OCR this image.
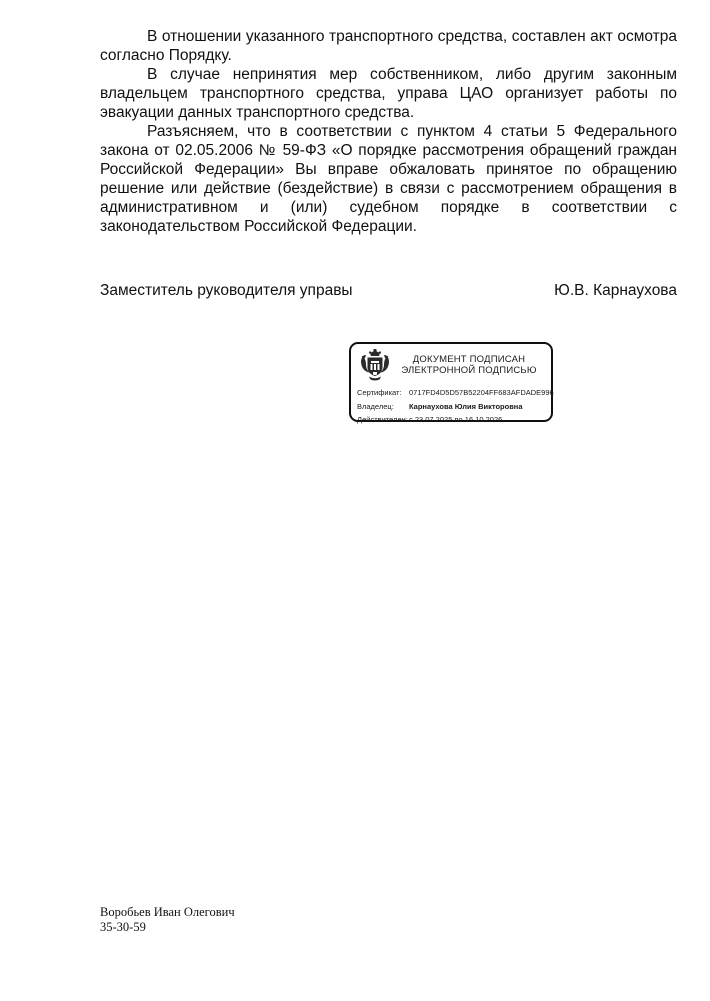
В отношении указанного транспортного средства, составлен акт осмотра согласно Порядку.

В случае непринятия мер собственником, либо другим законным владельцем транспортного средства, управа ЦАО организует работы по эвакуации данных транспортного средства.

Разъясняем, что в соответствии с пунктом 4 статьи 5 Федерального закона от 02.05.2006 № 59-ФЗ «О порядке рассмотрения обращений граждан Российской Федерации» Вы вправе обжаловать принятое по обращению решение или действие (бездействие) в связи с рассмотрением обращения в административном и (или) судебном порядке в соответствии с законодательством Российской Федерации.

Заместитель руководителя управы	Ю.В. Карнаухова
ДОКУМЕНТ ПОДПИСАН
ЭЛЕКТРОННОЙ ПОДПИСЬЮ
Сертификат: 0717FD4D5D57B52204FF683AFDADE996
Владелец:	Карнаухова Юлия Викторовна
Действителен: с 23.07.2025 по 16.10.2026
Воробьев Иван Олегович
35-30-59
